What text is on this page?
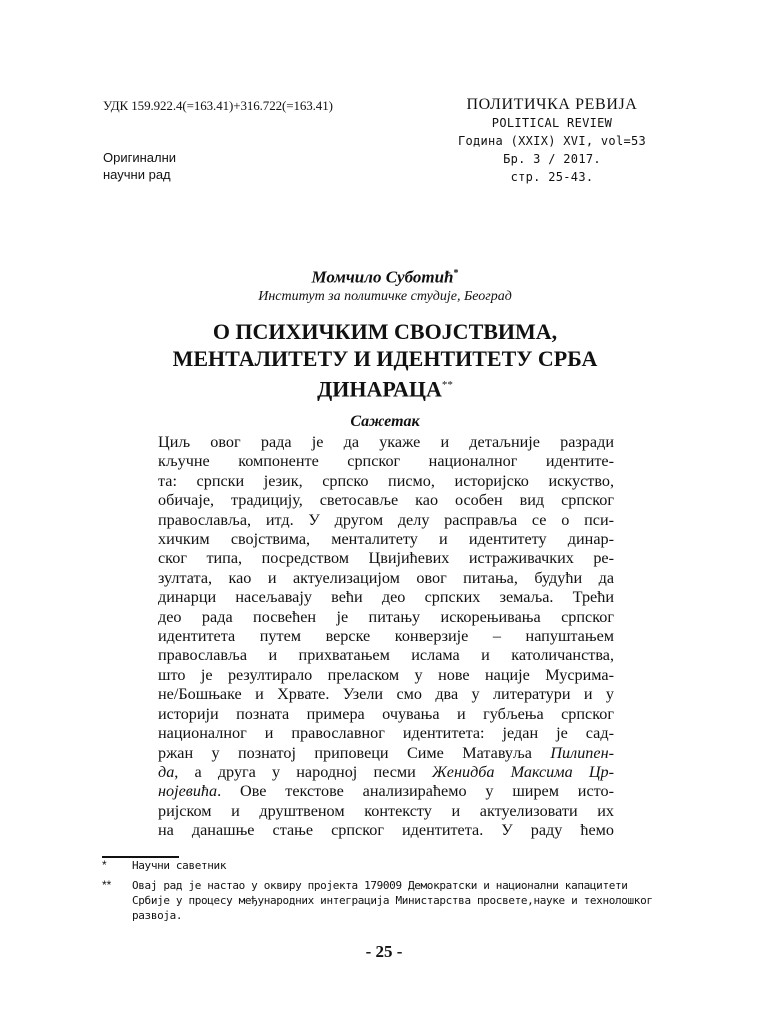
УДК 159.922.4(=163.41)+316.722(=163.41)
Оригинални
научни рад
ПОЛИТИЧКА РЕВИЈА
POLITICAL REVIEW
Година (XXIX) XVI, vol=53
Бр. 3 / 2017.
стр. 25-43.
Момчило Суботић*
Институт за политичке студије, Београд
О ПСИХИЧКИМ СВОЈСТВИМА,
МЕНТАЛИТЕТУ И ИДЕНТИТЕТУ СРБА
ДИНАРАЦА**
Сажетак
Циљ овог рада је да укаже и детаљније разради
кључне компоненте српског националног идентите-
та: српски језик, српско писмо, историјско искуство,
обичаје, традицију, светосавље као особен вид српског
православља, итд. У другом делу расправља се о пси-
хичким својствима, менталитету и идентитету динар-
ског типа, посредством Цвијићевих истраживачких ре-
зултата, као и актуелизацијом овог питања, будући да
динарци насељавају већи део српских земаља. Трећи
део рада посвећен је питању искорењивања српског
идентитета путем верске конверзије – напуштањем
православља и прихватањем ислама и католичанства,
што је резултирало преласком у нове нације Мусрима-
не/Бошњаке и Хрвате. Узели смо два у литератури и у
историји позната примера очувања и губљења српског
националног и православног идентитета: један је сад-
ржан у познатој приповеци Симе Матавуља Пилипен-
да, а друга у народној песми Женидба Максима Цр-
нојевића. Ове текстове анализираћемо у ширем исто-
ријском и друштвеном контексту и актуелизовати их
на данашње стање српског идентитета. У раду ћемо
*	Научни саветник
**	Овај рад је настао у оквиру пројекта 179009 Демократски и национални капацитети Србије у процесу међународних интеграција Министарства просвете,науке и технолошког развоја.
- 25 -
